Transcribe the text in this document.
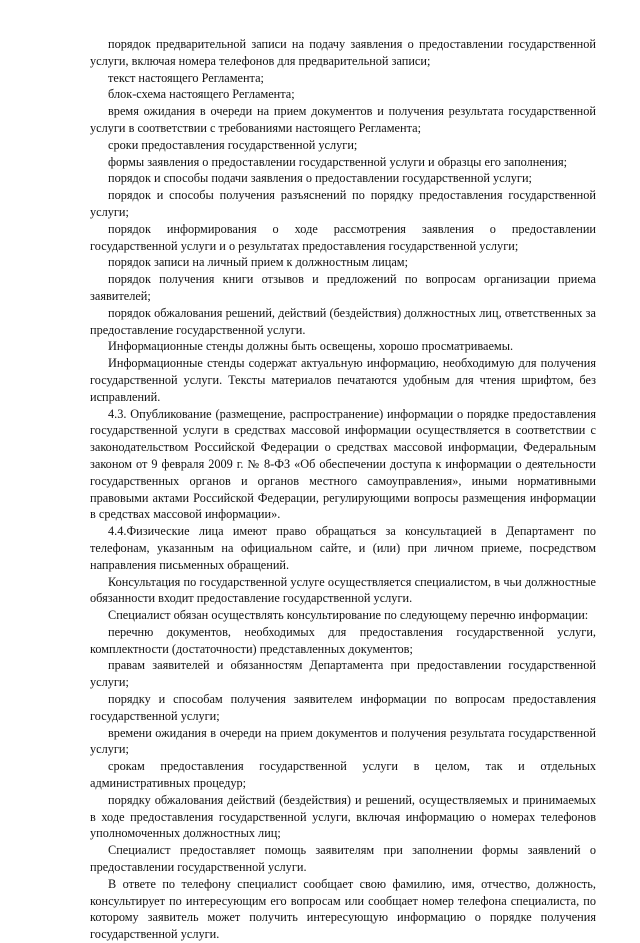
порядок предварительной записи на подачу заявления о предоставлении государственной услуги, включая номера телефонов для предварительной записи;

текст настоящего Регламента;

блок-схема настоящего Регламента;

время ожидания в очереди на прием документов и получения результата государственной услуги в соответствии с требованиями настоящего Регламента;

сроки предоставления государственной услуги;

формы заявления о предоставлении государственной услуги и образцы его заполнения;

порядок и способы подачи заявления о предоставлении государственной услуги;

порядок и способы получения разъяснений по порядку предоставления государственной услуги;

порядок информирования о ходе рассмотрения заявления о предоставлении государственной услуги и о результатах предоставления государственной услуги;

порядок записи на личный прием к должностным лицам;

порядок получения книги отзывов и предложений по вопросам организации приема заявителей;

порядок обжалования решений, действий (бездействия) должностных лиц, ответственных за предоставление государственной услуги.

Информационные стенды должны быть освещены, хорошо просматриваемы.

Информационные стенды содержат актуальную информацию, необходимую для получения государственной услуги. Тексты материалов печатаются удобным для чтения шрифтом, без исправлений.

4.3. Опубликование (размещение, распространение) информации о порядке предоставления государственной услуги в средствах массовой информации осуществляется в соответствии с законодательством Российской Федерации о средствах массовой информации, Федеральным законом от 9 февраля 2009 г. № 8-ФЗ «Об обеспечении доступа к информации о деятельности государственных органов и органов местного самоуправления», иными нормативными правовыми актами Российской Федерации, регулирующими вопросы размещения информации в средствах массовой информации».

4.4.Физические лица имеют право обращаться за консультацией в Департамент по телефонам, указанным на официальном сайте, и (или) при личном приеме, посредством направления письменных обращений.

Консультация по государственной услуге осуществляется специалистом, в чьи должностные обязанности входит предоставление государственной услуги.

Специалист обязан осуществлять консультирование по следующему перечню информации:

перечню документов, необходимых для предоставления государственной услуги, комплектности (достаточности) представленных документов;

правам заявителей и обязанностям Департамента при предоставлении государственной услуги;

порядку и способам получения заявителем информации по вопросам предоставления государственной услуги;

времени ожидания в очереди на прием документов и получения результата государственной услуги;

срокам предоставления государственной услуги в целом, так и отдельных административных процедур;

порядку обжалования действий (бездействия) и решений, осуществляемых и принимаемых в ходе предоставления государственной услуги, включая информацию о номерах телефонов уполномоченных должностных лиц;

Специалист предоставляет помощь заявителям при заполнении формы заявлений о предоставлении государственной услуги.

В ответе по телефону специалист сообщает свою фамилию, имя, отчество, должность, консультирует по интересующим его вопросам или сообщает номер телефона специалиста, по которому заявитель может получить интересующую информацию о порядке получения государственной услуги.
